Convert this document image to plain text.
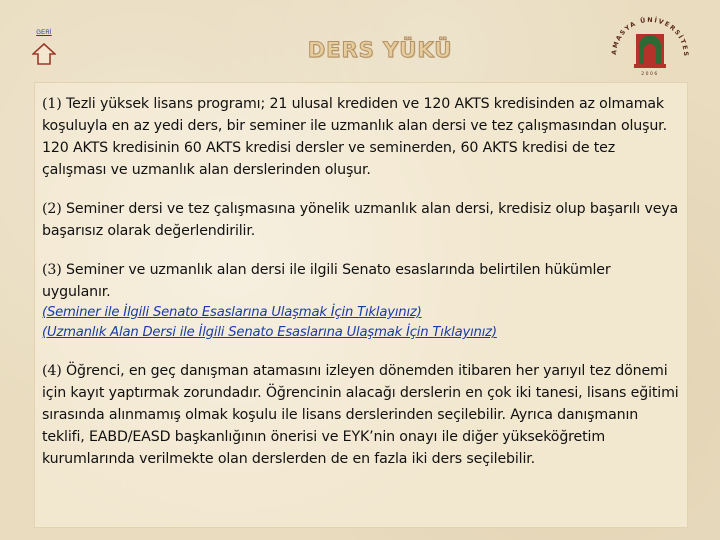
GERİ
DERS YÜKÜ	AMASYA ÜNİVERSİTES
2006

(1) Tezli yüksek lisans programı; 21 ulusal krediden ve 120 AKTS kredisinden az olmamak koşuluyla en az yedi ders, bir seminer ile uzmanlık alan dersi ve tez çalışmasından oluşur. 120 AKTS kredisinin 60 AKTS kredisi dersler ve seminerden, 60 AKTS kredisi de tez çalışması ve uzmanlık alan derslerinden oluşur.

(2) Seminer dersi ve tez çalışmasına yönelik uzmanlık alan dersi, kredisiz olup başarılı veya başarısız olarak değerlendirilir.

(3) Seminer ve uzmanlık alan dersi ile ilgili Senato esaslarında belirtilen hükümler uygulanır.
(Seminer ile İlgili Senato Esaslarına Ulaşmak İçin Tıklayınız)
(Uzmanlık Alan Dersi ile İlgili Senato Esaslarına Ulaşmak İçin Tıklayınız)

(4) Öğrenci, en geç danışman atamasını izleyen dönemden itibaren her yarıyıl tez dönemi için kayıt yaptırmak zorundadır. Öğrencinin alacağı derslerin en çok iki tanesi, lisans eğitimi sırasında alınmamış olmak koşulu ile lisans derslerinden seçilebilir. Ayrıca danışmanın teklifi, EABD/EASD başkanlığının önerisi ve EYK’nin onayı ile diğer yükseköğretim kurumlarında verilmekte olan derslerden de en fazla iki ders seçilebilir.
